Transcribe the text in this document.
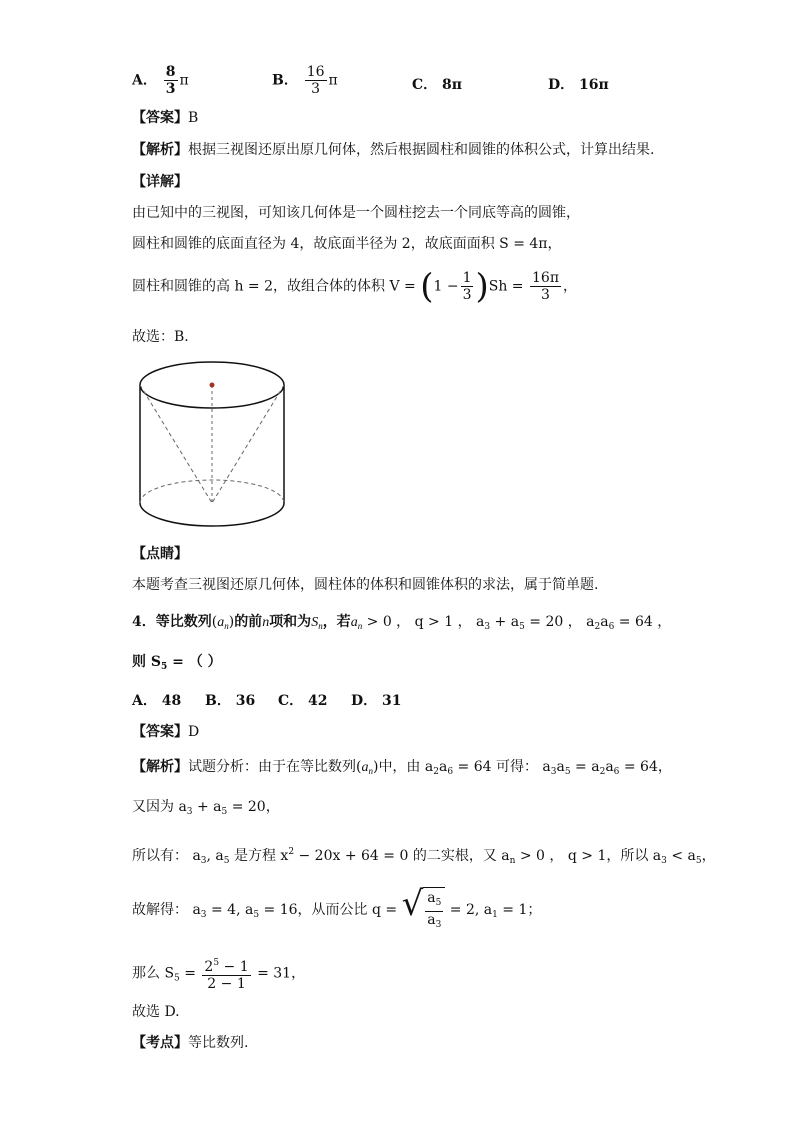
A． $\frac{8}{3}$ π	B． $\frac{16}{3}$ π	C． 8π	D． 16π
【答案】B
【解析】根据三视图还原出原几何体，然后根据圆柱和圆锥的体积公式，计算出结果.
【详解】
由已知中的三视图，可知该几何体是一个圆柱挖去一个同底等高的圆锥，
圆柱和圆锥的底面直径为 4，故底面半径为 2，故底面面积 S = 4π，
圆柱和圆锥的高 h = 2，故组合体的体积 $V = (1 - \frac{1}{3} )Sh = \frac{16\pi}{3}$ ，
故选：B.
【点睛】
本题考查三视图还原几何体，圆柱体的体积和圆锥体积的求法，属于简单题.
4．等比数列$(a_n)$的前n项和为$S_n$，若$a_n > 0$ ， q > 1 ， $a_3 + a_5 = 20$ ， $a_2a_6 = 64$ ，
则 $S_5$ = （ ）
A． 48 B． 36 C． 42 D． 31
【答案】D
【解析】试题分析：由于在等比数列$(a_n)$中，由 $a_2a_6 = 64$ 可得： $a_3a_5 = a_2a_6 = 64$，
又因为 $a_3 + a_5 = 20$，
所以有： $a_3$, $a_5$ 是方程 $x^2 - 20x + 64 = 0$ 的二实根，又 $a_n > 0$ ， q > 1，所以 $a_3 < a_5$，
故解得： $a_3 = 4$, $a_5 = 16$，从而公比 q = √ $\frac{a_5}{a_3} = 2$, $a_1 = 1$；
那么 $S_5 = \frac{2^5 - 1}{2 - 1} = 31$，
故选 D.
【考点】等比数列.
